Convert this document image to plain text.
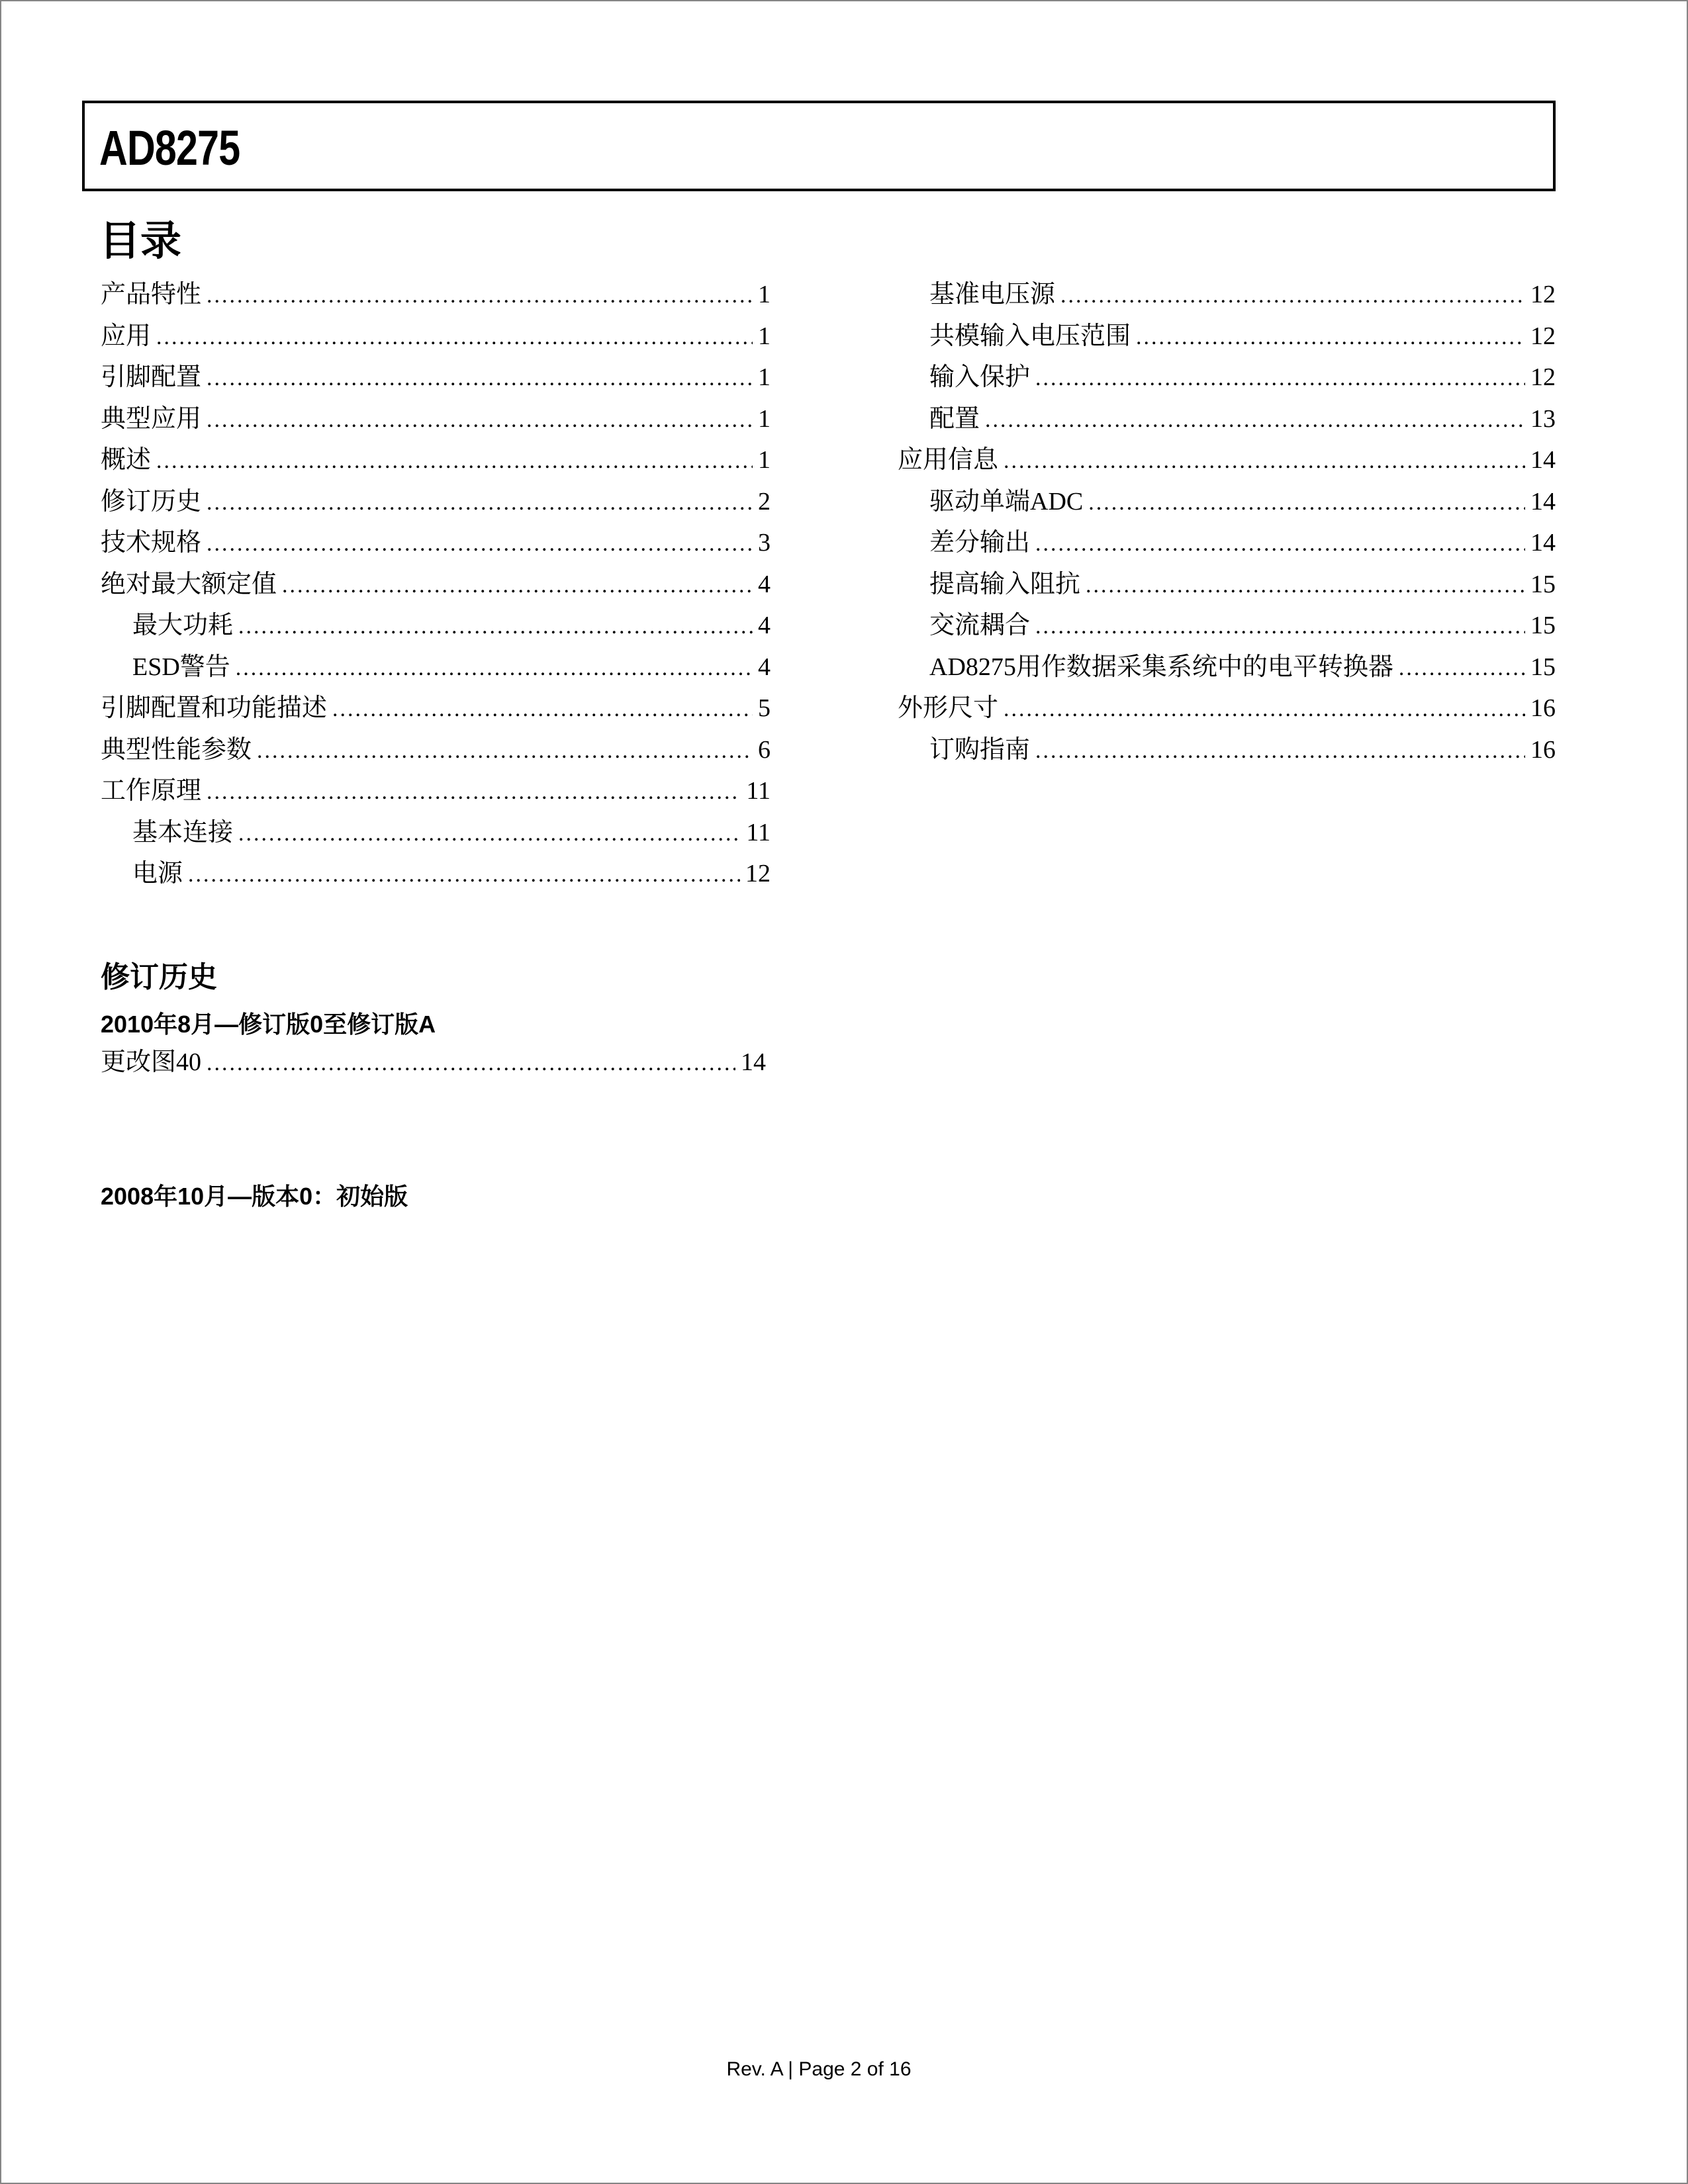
AD8275
目录
产品特性 .....	1
应用 .....	1
引脚配置 .....	1
典型应用 .....	1
概述 .....	1
修订历史 .....	2
技术规格 .....	3
绝对最大额定值 .....	4
最大功耗 .....	4
ESD警告 .....	4
引脚配置和功能描述 .....	5
典型性能参数 .....	6
工作原理 .....	11
基本连接 .....	11
电源 .....	12
基准电压源 .....	12
共模输入电压范围 .....	12
输入保护 .....	12
配置 .....	13
应用信息 .....	14
驱动单端ADC .....	14
差分输出 .....	14
提高输入阻抗 .....	15
交流耦合 .....	15
AD8275用作数据采集系统中的电平转换器 .....	15
外形尺寸 .....	16
订购指南 .....	16
修订历史
2010年8月—修订版0至修订版A
更改图40 .....	14
2008年10月—版本0：初始版
Rev. A | Page 2 of 16
